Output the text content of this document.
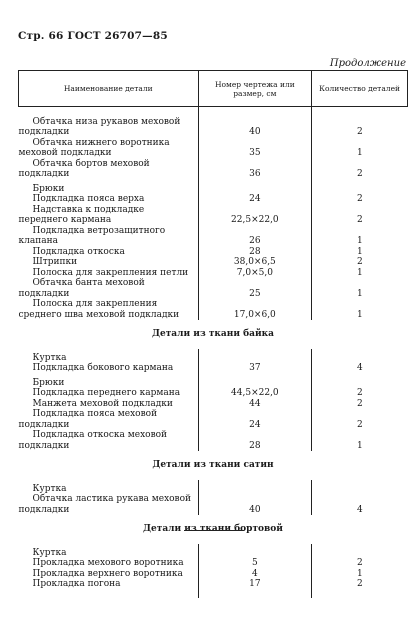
Стр. 66 ГОСТ 26707—85
Продолжение
Наименование детали	Номер чертежа или размер, см	Количество деталей

Обтачка низа рукавов меховой подкладки	40	2
Обтачка нижнего воротника меховой подкладки	35	1
Обтачка бортов меховой подкладки	36	2
Брюки		
Подкладка пояса верха	24	2
Надставка к подкладке переднего кармана	22,5×22,0	2
Подкладка ветрозащитного клапана	26	1
Подкладка откоска	28	1
Штрипки	38,0×6,5	2
Полоска для закрепления петли	7,0×5,0	1
Обтачка банта меховой подкладки	25	1
Полоска для закрепления среднего шва меховой подкладки	17,0×6,0	1
Детали из ткани байка		
Куртка		
Подкладка бокового кармана	37	4
Брюки		
Подкладка переднего кармана	44,5×22,0	2
Манжета меховой подкладки	44	2
Подкладка пояса меховой подкладки	24	2
Подкладка откоска меховой подкладки	28	1
Детали из ткани сатин		
Куртка		
Обтачка ластика рукава меховой подкладки	40	4
Детали из ткани бортовой		
Куртка		
Прокладка мехового воротника	5	2
Прокладка верхнего воротника	4	1
Прокладка погона	17	2
